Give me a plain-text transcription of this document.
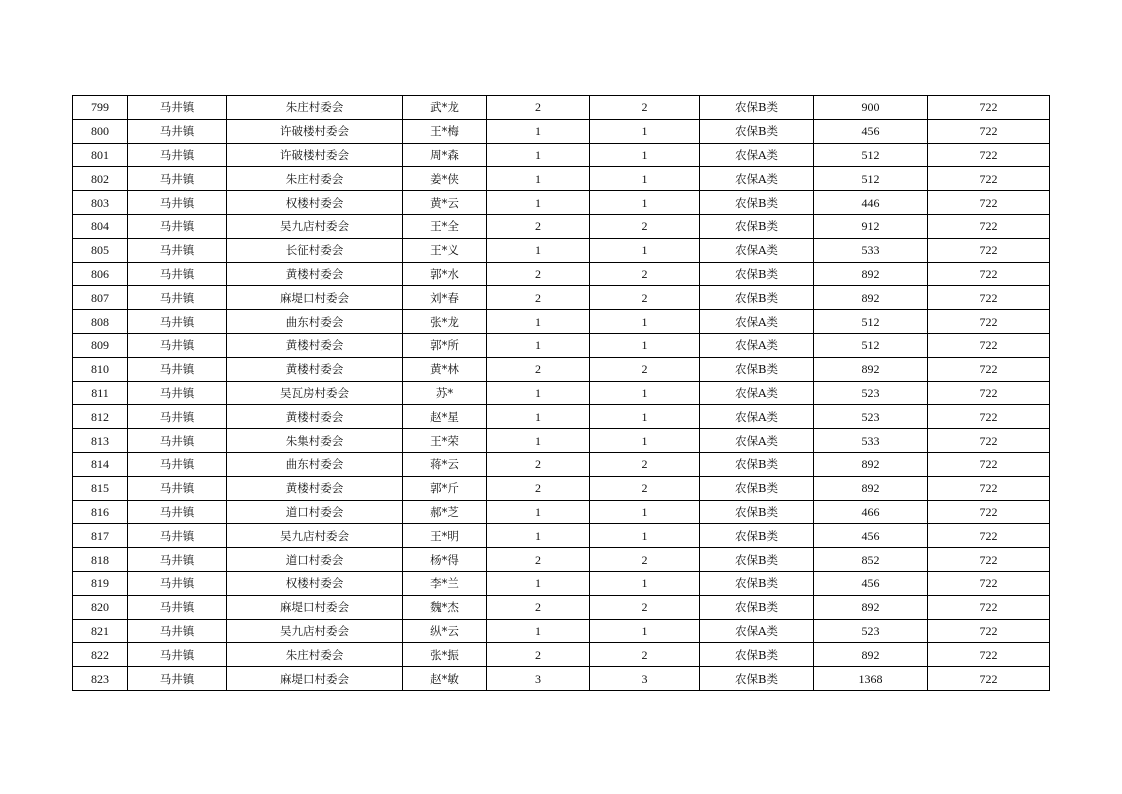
799	马井镇	朱庄村委会	武*龙	2	2	农保B类	900	722
800	马井镇	许破楼村委会	王*梅	1	1	农保B类	456	722
801	马井镇	许破楼村委会	周*森	1	1	农保A类	512	722
802	马井镇	朱庄村委会	姜*侠	1	1	农保A类	512	722
803	马井镇	权楼村委会	黄*云	1	1	农保B类	446	722
804	马井镇	吴九店村委会	王*全	2	2	农保B类	912	722
805	马井镇	长征村委会	王*义	1	1	农保A类	533	722
806	马井镇	黄楼村委会	郭*水	2	2	农保B类	892	722
807	马井镇	麻堤口村委会	刘*春	2	2	农保B类	892	722
808	马井镇	曲东村委会	张*龙	1	1	农保A类	512	722
809	马井镇	黄楼村委会	郭*所	1	1	农保A类	512	722
810	马井镇	黄楼村委会	黄*林	2	2	农保B类	892	722
811	马井镇	吴瓦房村委会	苏*	1	1	农保A类	523	722
812	马井镇	黄楼村委会	赵*星	1	1	农保A类	523	722
813	马井镇	朱集村委会	王*荣	1	1	农保A类	533	722
814	马井镇	曲东村委会	蒋*云	2	2	农保B类	892	722
815	马井镇	黄楼村委会	郭*斤	2	2	农保B类	892	722
816	马井镇	道口村委会	郝*芝	1	1	农保B类	466	722
817	马井镇	吴九店村委会	王*明	1	1	农保B类	456	722
818	马井镇	道口村委会	杨*得	2	2	农保B类	852	722
819	马井镇	权楼村委会	李*兰	1	1	农保B类	456	722
820	马井镇	麻堤口村委会	魏*杰	2	2	农保B类	892	722
821	马井镇	吴九店村委会	纵*云	1	1	农保A类	523	722
822	马井镇	朱庄村委会	张*振	2	2	农保B类	892	722
823	马井镇	麻堤口村委会	赵*敏	3	3	农保B类	1368	722
